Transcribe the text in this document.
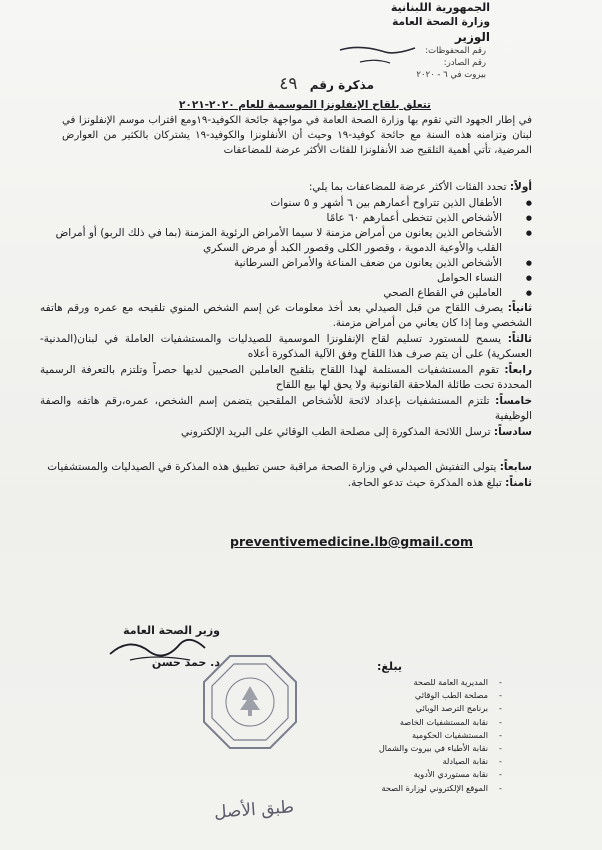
الجمهورية اللبنانية
وزارة الصحة العامة
الوزير
رقم المحفوظات:
رقم الصادر:
بيروت في ٦ - ٢٠٢٠
مذكرة رقم ٤٩
تتعلق بلقاح الإنفلونزا الموسمية للعام ٢٠٢٠-٢٠٢١
في إطار الجهود التي تقوم بها وزارة الصحة العامة في مواجهة جائحة الكوفيد-١٩ومع اقتراب موسم الإنفلونزا في لبنان وتزامنه هذه السنة مع جائحة كوفيد-١٩ وحيث أن الأنفلونزا والكوفيد-١٩ يشتركان بالكثير من العوارض المرضية، تأتي أهمية التلقيح ضد الأنفلونزا للفئات الأكثر عرضة للمضاعفات
أولاً: تحدد الفئات الأكثر عرضة للمضاعفات بما يلي:
● الأطفال الذين تتراوح أعمارهم بين ٦ أشهر و ٥ سنوات
● الأشخاص الذين تتخطى أعمارهم ٦٠ عامًا
● الأشخاص الذين يعانون من أمراض مزمنة لا سيما الأمراض الرئوية المزمنة (بما في ذلك الربو) أو أمراض القلب والأوعية الدموية ، وقصور الكلى وقصور الكبد أو مرض السكري
● الأشخاص الذين يعانون من ضعف المناعة والأمراض السرطانية
● النساء الحوامل
● العاملين في القطاع الصحي
ثانياً: يصرف اللقاح من قبل الصيدلي بعد أخذ معلومات عن إسم الشخص المنوي تلقيحه مع عمره ورقم هاتفه الشخصي وما إذا كان يعاني من أمراض مزمنة.
ثالثاً: يسمح للمستورد تسليم لقاح الإنفلونزا الموسمية للصيدليات والمستشفيات العاملة في لبنان(المدنية-العسكرية) على أن يتم صرف هذا اللقاح وفق الآلية المذكورة أعلاه
رابعاً: تقوم المستشفيات المستلمة لهذا اللقاح بتلقيح العاملين الصحيين لديها حصراً وتلتزم بالتعرفة الرسمية المحددة تحت طائلة الملاحقة القانونية ولا يحق لها بيع اللقاح
خامساً: تلتزم المستشفيات بإعداد لائحة للأشخاص الملقحين يتضمن إسم الشخص، عمره،رقم هاتفه والصفة الوظيفية
سادساً: ترسل اللائحة المذكورة إلى مصلحة الطب الوقائي على البريد الإلكتروني
سابعاً: يتولى التفتيش الصيدلي في وزارة الصحة مراقبة حسن تطبيق هذه المذكرة في الصيدليات والمستشفيات
ثامناً: تبلغ هذه المذكرة حيث تدعو الحاجة.
preventivemedicine.lb@gmail.com
وزير الصحة العامة
د. حمد حسن	يبلغ:
- المديرية العامة للصحة
- مصلحة الطب الوقائي
- برنامج الترصد الوبائي
- نقابة المستشفيات الخاصة
- المستشفيات الحكومية
- نقابة الأطباء في بيروت والشمال
- نقابة الصيادلة
- نقابة مستوردي الأدوية
- الموقع الإلكتروني لوزارة الصحة
طبق الأصل
